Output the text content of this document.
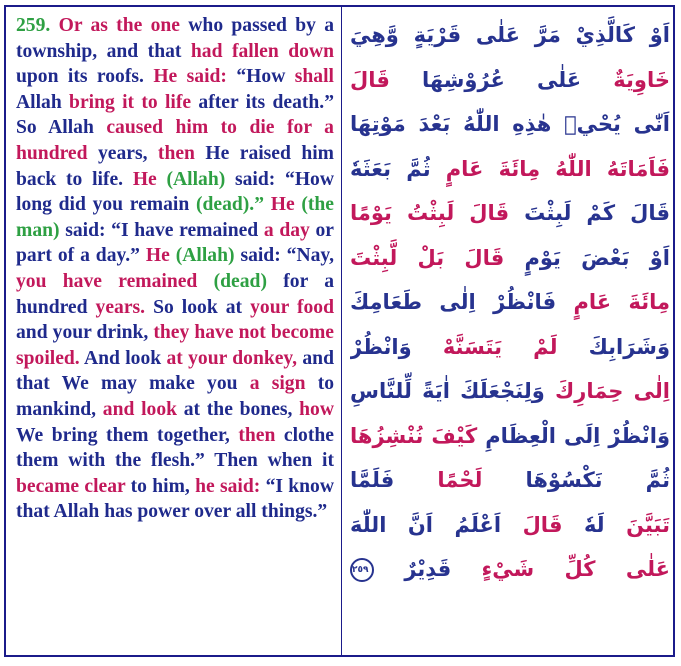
259. Or as the one who passed by a township, and that had fallen down upon its roofs. He said: “How shall Allah bring it to life after its death.” So Allah caused him to die for a hundred years, then He raised him back to life. He (Allah) said: “How long did you remain (dead).” He (the man) said: “I have remained a day or part of a day.” He (Allah) said: “Nay, you have remained (dead) for a hundred years. So look at your food and your drink, they have not become spoiled. And look at your donkey, and that We may make you a sign to mankind, and look at the bones, how We bring them together, then clothe them with the flesh.” Then when it became clear to him, he said: “I know that Allah has power over all things.”

اَوْ كَالَّذِيْ مَرَّ عَلٰى قَرْيَةٍ وَّهِيَ
خَاوِيَةٌ عَلٰى عُرُوْشِهَا قَالَ
اَنّٰى يُحْيٖ هٰذِهِ اللّٰهُ بَعْدَ مَوْتِهَا
فَاَمَاتَهُ اللّٰهُ مِائَةَ عَامٍ ثُمَّ بَعَثَهٗ
قَالَ كَمْ لَبِثْتَ قَالَ لَبِثْتُ يَوْمًا
اَوْ بَعْضَ يَوْمٍ قَالَ بَلْ لَّبِثْتَ
مِائَةَ عَامٍ فَانْظُرْ اِلٰى طَعَامِكَ
وَشَرَابِكَ لَمْ يَتَسَنَّهْ وَانْظُرْ
اِلٰى حِمَارِكَ وَلِنَجْعَلَكَ اٰيَةً لِّلنَّاسِ
وَانْظُرْ اِلَى الْعِظَامِ كَيْفَ نُنْشِزُهَا
ثُمَّ نَكْسُوْهَا لَحْمًا فَلَمَّا
تَبَيَّنَ لَهٗ قَالَ اَعْلَمُ اَنَّ اللّٰهَ
عَلٰى كُلِّ شَيْءٍ قَدِيْرٌ ٢٥٩
